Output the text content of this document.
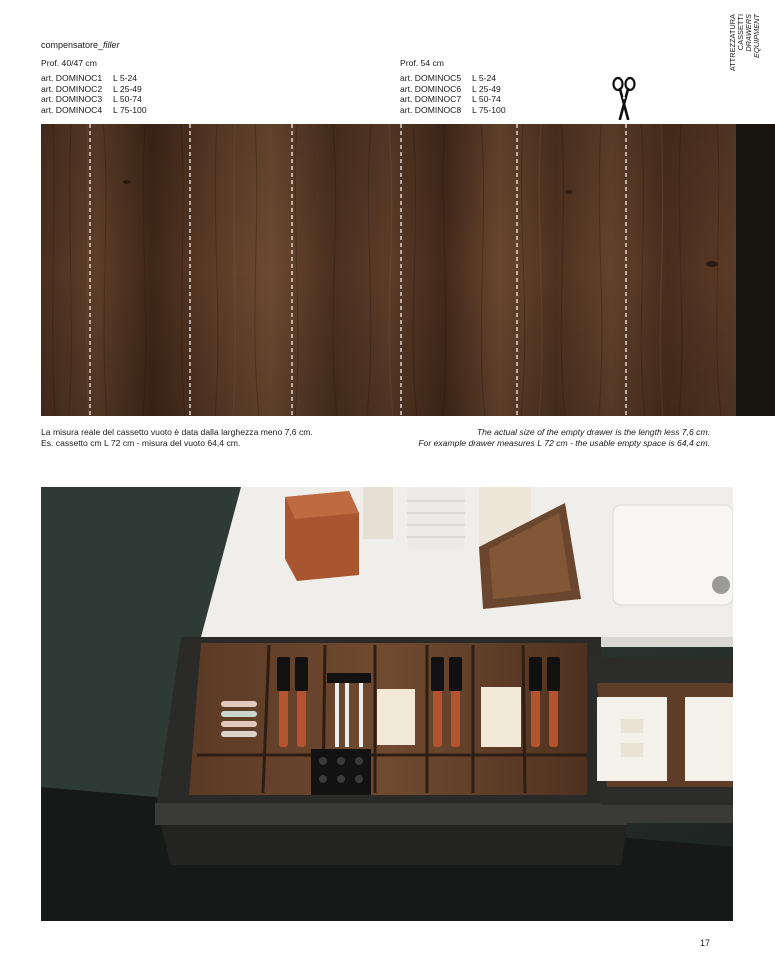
compensatore_filler
Prof. 40/47 cm
art. DOMINOC1 L 5-24
art. DOMINOC2 L 25-49
art. DOMINOC3 L 50-74
art. DOMINOC4 L 75-100
Prof. 54 cm
art. DOMINOC5 L 5-24
art. DOMINOC6 L 25-49
art. DOMINOC7 L 50-74
art. DOMINOC8 L 75-100
ATTREZZATURA CASSETTI DRAWERS EQUIPMENT
La misura reale del cassetto vuoto è data dalla larghezza meno 7,6 cm.
Es. cassetto cm L 72 cm - misura del vuoto 64,4 cm.
The actual size of the empty drawer is the length less 7,6 cm.
For example drawer measures L 72 cm - the usable empty space is 64,4 cm.
17
